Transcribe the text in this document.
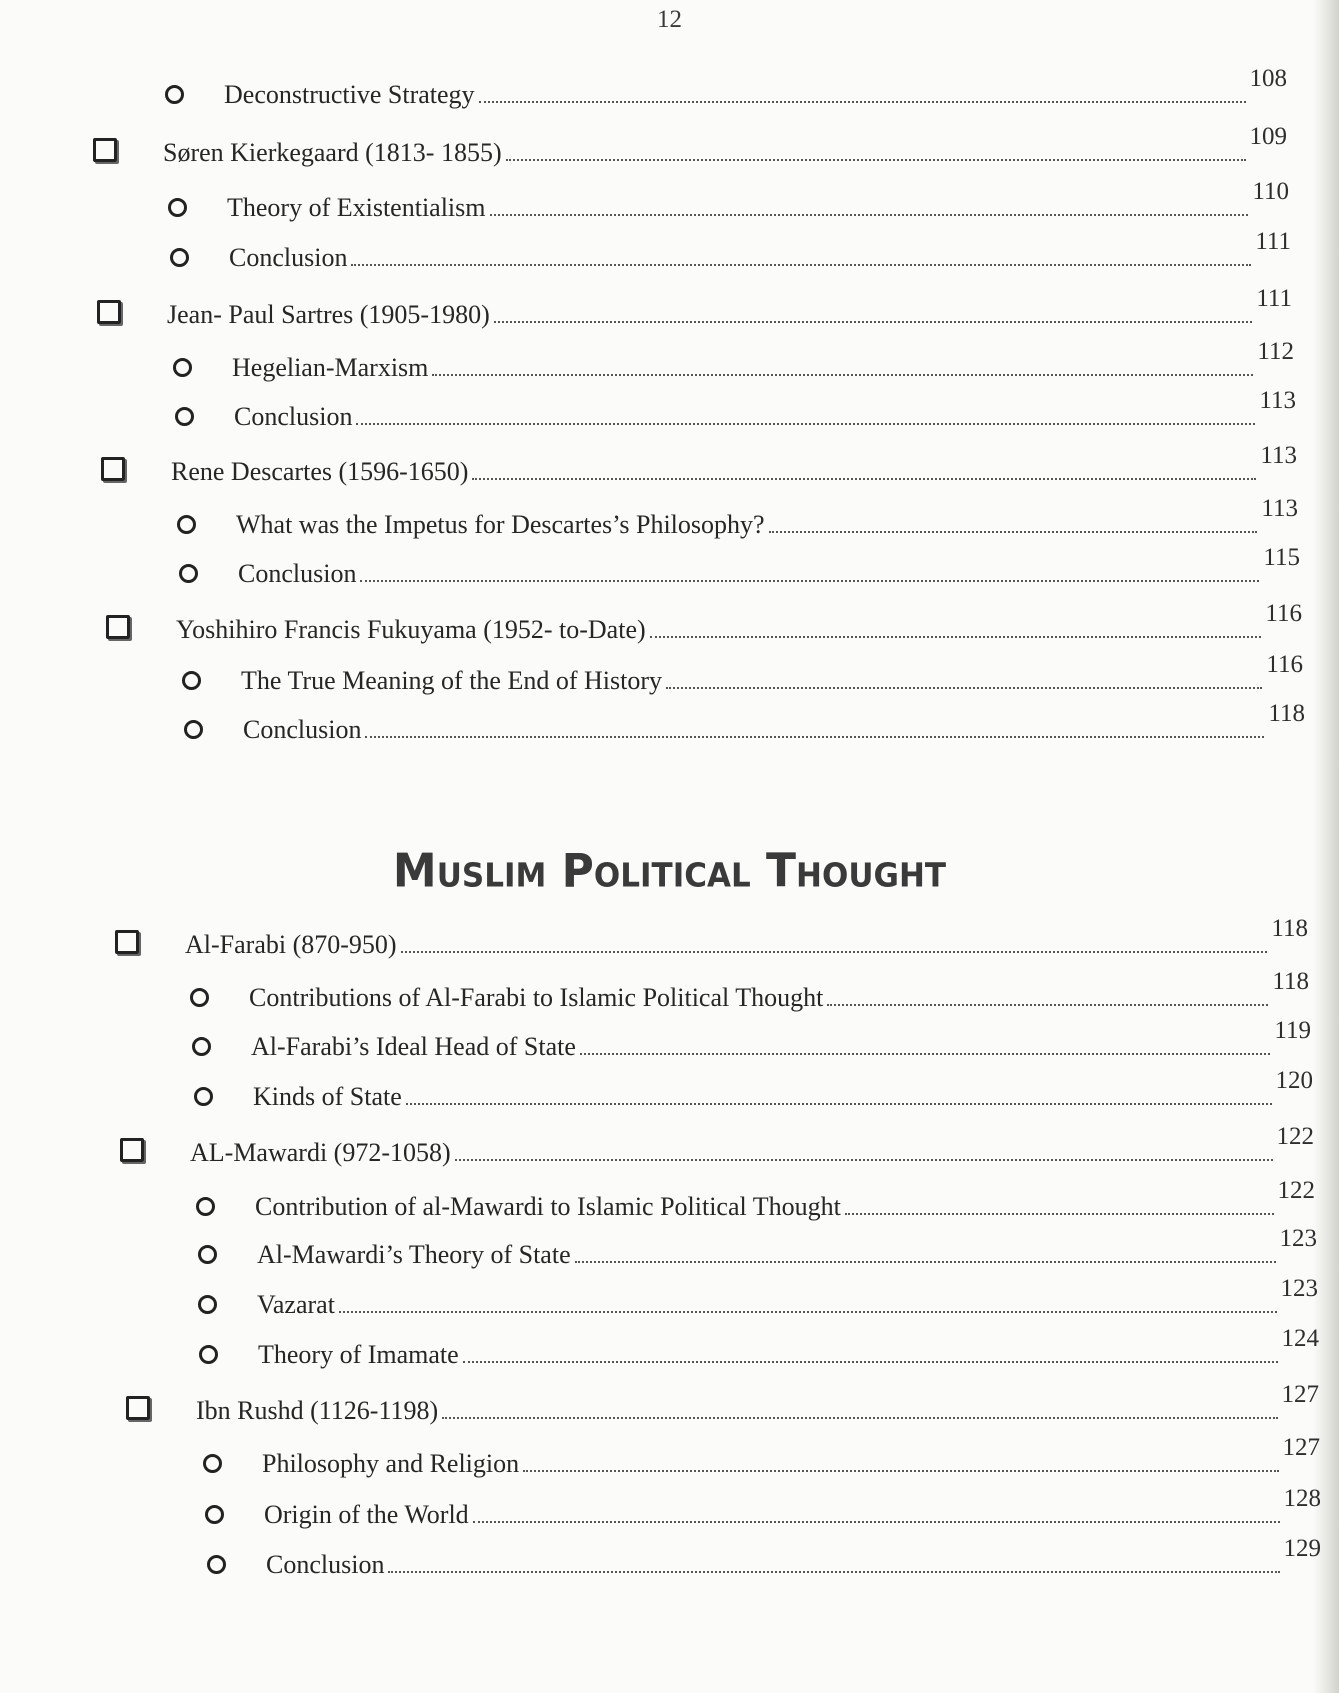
12
Deconstructive Strategy
108
Søren Kierkegaard (1813- 1855)
109
Theory of Existentialism
110
Conclusion
111
Jean- Paul Sartres (1905-1980)
111
Hegelian-Marxism
112
Conclusion
113
Rene Descartes (1596-1650)
113
What was the Impetus for Descartes’s Philosophy?
113
Conclusion
115
Yoshihiro Francis Fukuyama (1952- to-Date)
116
The True Meaning of the End of History
116
Conclusion
118
Muslim Political Thought
Al-Farabi (870-950)
118
Contributions of Al-Farabi to Islamic Political Thought
118
Al-Farabi’s Ideal Head of State
119
Kinds of State
120
AL-Mawardi (972-1058)
122
Contribution of al-Mawardi to Islamic Political Thought
122
Al-Mawardi’s Theory of State
123
Vazarat
123
Theory of Imamate
124
Ibn Rushd (1126-1198)
127
Philosophy and Religion
127
Origin of the World
128
Conclusion
129
